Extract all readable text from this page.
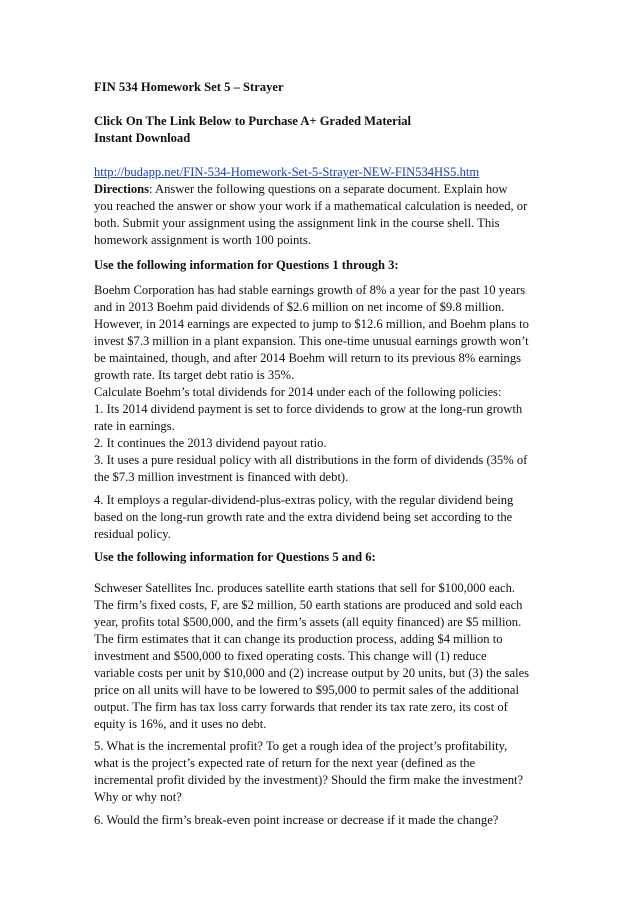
FIN 534 Homework Set 5 – Strayer
Click On The Link Below to Purchase A+ Graded Material
Instant Download
http://budapp.net/FIN-534-Homework-Set-5-Strayer-NEW-FIN534HS5.htm
Directions: Answer the following questions on a separate document. Explain how
you reached the answer or show your work if a mathematical calculation is needed, or
both. Submit your assignment using the assignment link in the course shell. This
homework assignment is worth 100 points.
Use the following information for Questions 1 through 3:
Boehm Corporation has had stable earnings growth of 8% a year for the past 10 years
and in 2013 Boehm paid dividends of $2.6 million on net income of $9.8 million.
However, in 2014 earnings are expected to jump to $12.6 million, and Boehm plans to
invest $7.3 million in a plant expansion. This one-time unusual earnings growth won’t
be maintained, though, and after 2014 Boehm will return to its previous 8% earnings
growth rate. Its target debt ratio is 35%.
Calculate Boehm’s total dividends for 2014 under each of the following policies:
1. Its 2014 dividend payment is set to force dividends to grow at the long-run growth
rate in earnings.
2. It continues the 2013 dividend payout ratio.
3. It uses a pure residual policy with all distributions in the form of dividends (35% of
the $7.3 million investment is financed with debt).
4. It employs a regular-dividend-plus-extras policy, with the regular dividend being
based on the long-run growth rate and the extra dividend being set according to the
residual policy.
Use the following information for Questions 5 and 6:
Schweser Satellites Inc. produces satellite earth stations that sell for $100,000 each.
The firm’s fixed costs, F, are $2 million, 50 earth stations are produced and sold each
year, profits total $500,000, and the firm’s assets (all equity financed) are $5 million.
The firm estimates that it can change its production process, adding $4 million to
investment and $500,000 to fixed operating costs. This change will (1) reduce
variable costs per unit by $10,000 and (2) increase output by 20 units, but (3) the sales
price on all units will have to be lowered to $95,000 to permit sales of the additional
output. The firm has tax loss carry forwards that render its tax rate zero, its cost of
equity is 16%, and it uses no debt.
5. What is the incremental profit? To get a rough idea of the project’s profitability,
what is the project’s expected rate of return for the next year (defined as the
incremental profit divided by the investment)? Should the firm make the investment?
Why or why not?
6. Would the firm’s break-even point increase or decrease if it made the change?
